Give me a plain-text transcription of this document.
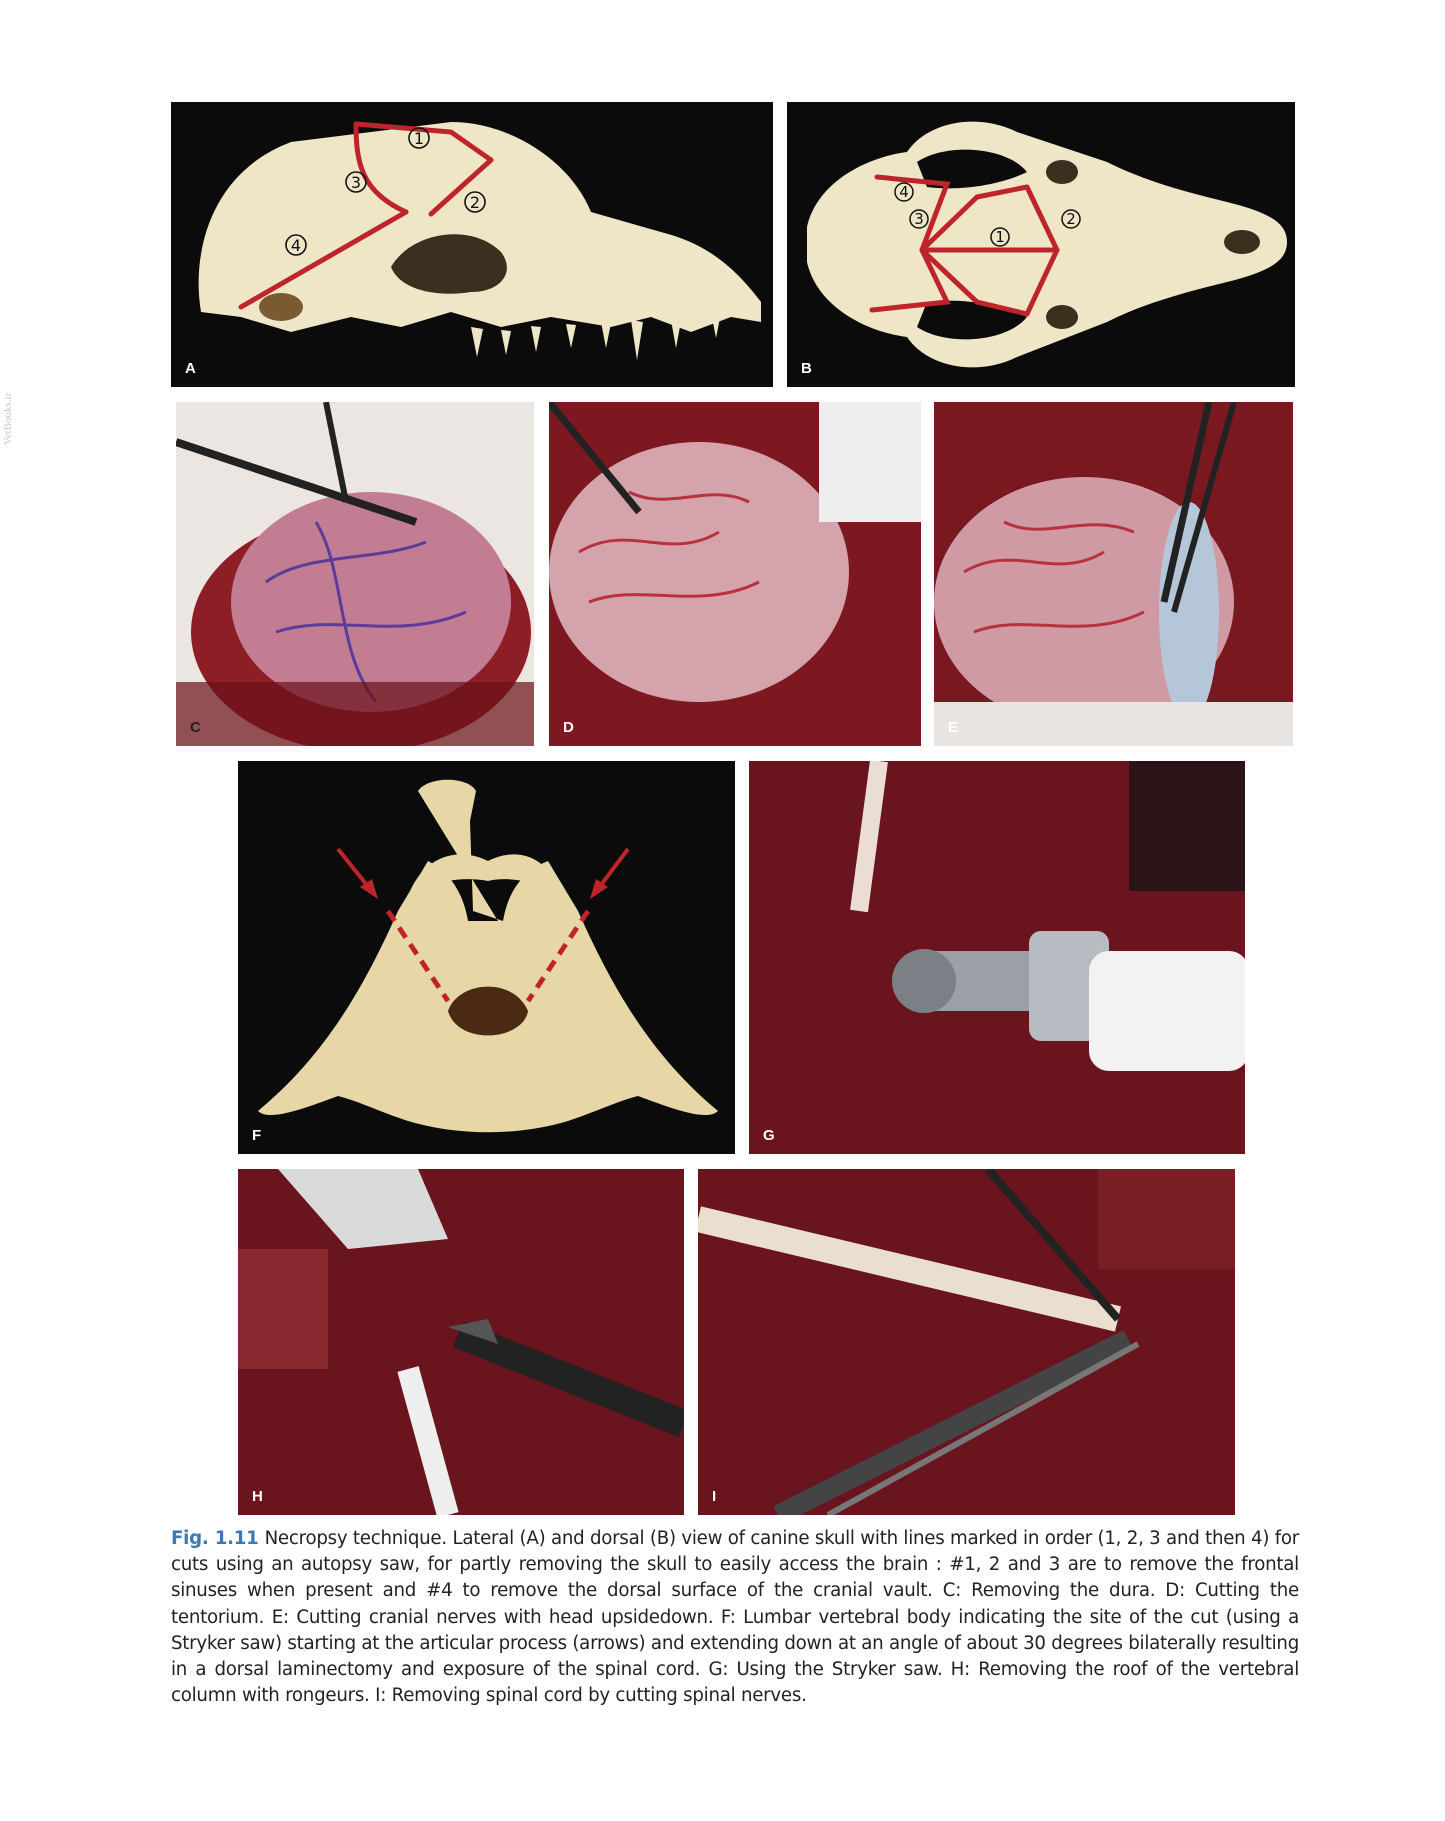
VetBooks.ir
1
2
3
4
A
4
3
1
2
B
C	D	E
F	G
H	I
Fig. 1.11 Necropsy technique. Lateral (A) and dorsal (B) view of canine skull with lines marked in order (1, 2, 3 and then 4) for cuts using an autopsy saw, for partly removing the skull to easily access the brain : #1, 2 and 3 are to remove the frontal sinuses when present and #4 to remove the dorsal surface of the cranial vault. C: Removing the dura. D: Cutting the tentorium. E: Cutting cranial nerves with head upsidedown. F: Lumbar vertebral body indicating the site of the cut (using a Stryker saw) starting at the articular process (arrows) and extending down at an angle of about 30 degrees bilaterally resulting in a dorsal laminectomy and exposure of the spinal cord. G: Using the Stryker saw. H: Removing the roof of the vertebral column with rongeurs. I: Removing spinal cord by cutting spinal nerves.
